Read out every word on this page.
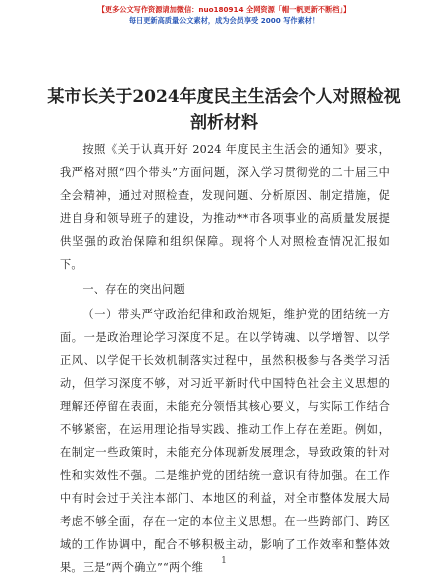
【更多公文写作资源请加微信：nuo180914 全网资源「帽一帆更新不断档」】
每日更新高质量公文素材，成为会员享受 2000 写作素材！
某市长关于2024年度民主生活会个人对照检视
剖析材料

按照《关于认真开好 2024 年度民主生活会的通知》要求，我严格对照“四个带头”方面问题，深入学习贯彻党的二十届三中全会精神，通过对照检查，发现问题、分析原因、制定措施，促进自身和领导班子的建设，为推动**市各项事业的高质量发展提供坚强的政治保障和组织保障。现将个人对照检查情况汇报如下。

一、存在的突出问题

（一）带头严守政治纪律和政治规矩，维护党的团结统一方面。一是政治理论学习深度不足。在以学铸魂、以学增智、以学正风、以学促干长效机制落实过程中，虽然积极参与各类学习活动，但学习深度不够，对习近平新时代中国特色社会主义思想的理解还停留在表面，未能充分领悟其核心要义，与实际工作结合不够紧密，在运用理论指导实践、推动工作上存在差距。例如，在制定一些政策时，未能充分体现新发展理念，导致政策的针对性和实效性不强。二是维护党的团结统一意识有待加强。在工作中有时会过于关注本部门、本地区的利益，对全市整体发展大局考虑不够全面，存在一定的本位主义思想。在一些跨部门、跨区域的工作协调中，配合不够积极主动，影响了工作效率和整体效果。三是“两个确立”“两个维	1
